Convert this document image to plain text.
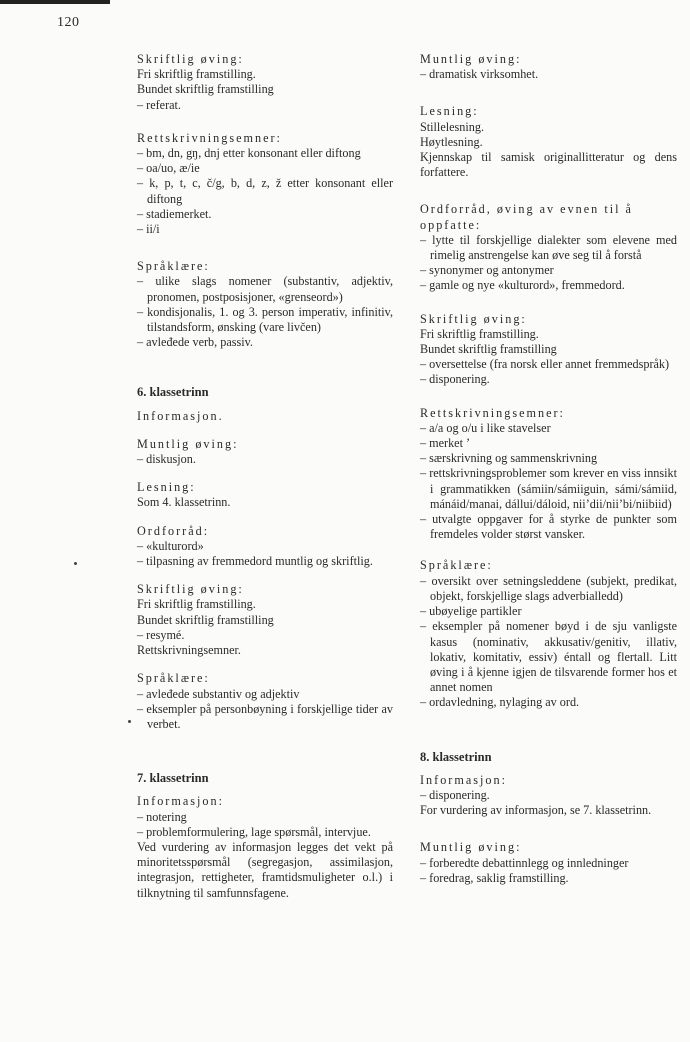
120
Skriftlig øving:

Fri skriftlig framstilling.

Bundet skriftlig framstilling

– referat.

Rettskrivningsemner:

– bm, dn, gŋ, dnj etter konsonant eller diftong

– oa/uo, æ/ie

– k, p, t, c, č/g, b, d, z, ž etter konsonant eller diftong

– stadiemerket.

– ii/i

Språklære:

– ulike slags nomener (substantiv, adjektiv, pronomen, postposisjoner, «grenseord»)

– kondisjonalis, 1. og 3. person imperativ, infinitiv, tilstandsform, ønsking (vare livčen)

– avleđede verb, passiv.

6. klassetrinn
Informasjon.
Muntlig øving:

– diskusjon.

Lesning:

Som 4. klassetrinn.

Ordforråd:

– «kulturord»

– tilpasning av fremmedord muntlig og skriftlig.

Skriftlig øving:

Fri skriftlig framstilling.

Bundet skriftlig framstilling

– resymé.

Rettskrivningsemner.

Språklære:

– avleđede substantiv og adjektiv

– eksempler på personbøyning i forskjellige tider av verbet.

7. klassetrinn
Informasjon:

– notering

– problemformulering, lage spørsmål, intervjue.

Ved vurdering av informasjon legges det vekt på minoritetsspørsmål (segregasjon, assimilasjon, integrasjon, rettigheter, framtidsmuligheter o.l.) i tilknytning til samfunnsfagene.

Muntlig øving:

– dramatisk virksomhet.

Lesning:

Stillelesning.

Høytlesning.

Kjennskap til samisk originallitteratur og dens forfattere.

Ordforråd, øving av evnen til å oppfatte:

– lytte til forskjellige dialekter som elevene med rimelig anstrengelse kan øve seg til å forstå

– synonymer og antonymer

– gamle og nye «kulturord», fremmedord.

Skriftlig øving:

Fri skriftlig framstilling.

Bundet skriftlig framstilling

– oversettelse (fra norsk eller annet fremmedspråk)

– disponering.

Rettskrivningsemner:

– a/a og o/u i like stavelser

– merket ’

– særskrivning og sammenskrivning

– rettskrivningsproblemer som krever en viss innsikt i grammatikken (sámiin/sámiiguin, sámi/sámiid, mánáid/manai, dállui/dáloid, nii’dii/nii’bi/niibiid)

– utvalgte oppgaver for å styrke de punkter som fremdeles volder størst vansker.

Språklære:

– oversikt over setningsleddene (subjekt, predikat, objekt, forskjellige slags adverbialledd)

– ubøyelige partikler

– eksempler på nomener bøyd i de sju vanligste kasus (nominativ, akkusativ/genitiv, illativ, lokativ, komitativ, essiv) éntall og flertall. Litt øving i å kjenne igjen de tilsvarende former hos et annet nomen

– ordavledning, nylaging av ord.

8. klassetrinn
Informasjon:

– disponering.

For vurdering av informasjon, se 7. klassetrinn.

Muntlig øving:

– forberedte debattinnlegg og innledninger

– foredrag, saklig framstilling.
